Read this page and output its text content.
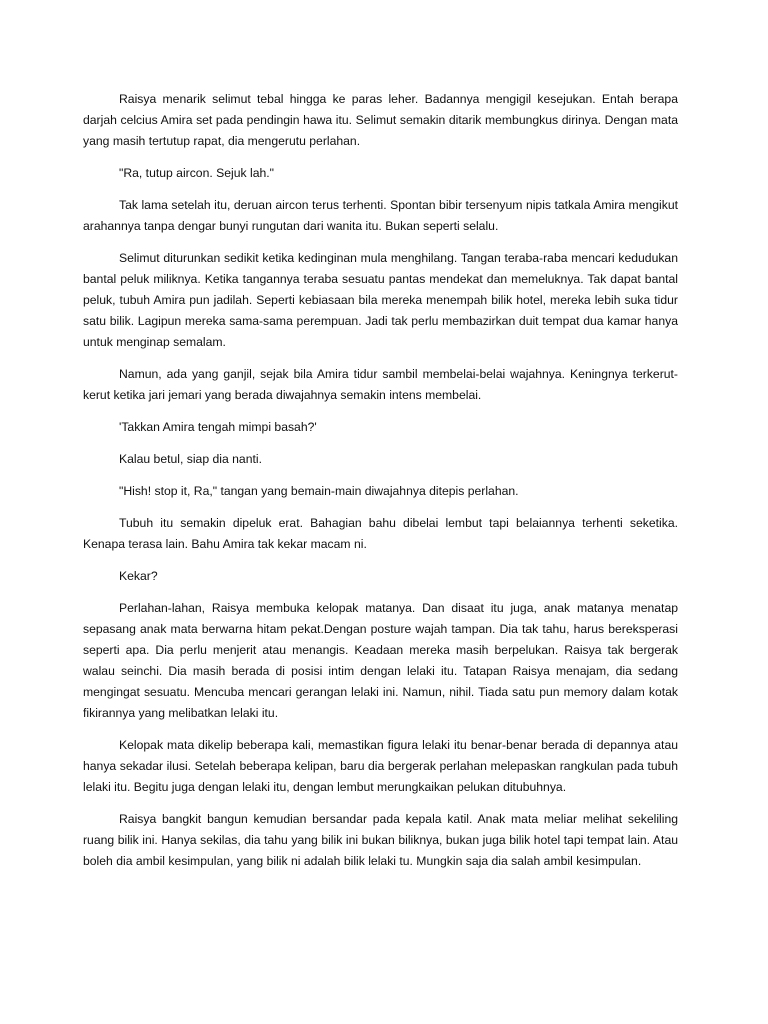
Raisya menarik selimut tebal hingga ke paras leher. Badannya mengigil kesejukan. Entah berapa darjah celcius Amira set pada pendingin hawa itu. Selimut semakin ditarik membungkus dirinya. Dengan mata yang masih tertutup rapat, dia mengerutu perlahan.

"Ra, tutup aircon. Sejuk lah."

Tak lama setelah itu, deruan aircon terus terhenti. Spontan bibir tersenyum nipis tatkala Amira mengikut arahannya tanpa dengar bunyi rungutan dari wanita itu. Bukan seperti selalu.

Selimut diturunkan sedikit ketika kedinginan mula menghilang. Tangan teraba-raba mencari kedudukan bantal peluk miliknya. Ketika tangannya teraba sesuatu pantas mendekat dan memeluknya. Tak dapat bantal peluk, tubuh Amira pun jadilah. Seperti kebiasaan bila mereka menempah bilik hotel, mereka lebih suka tidur satu bilik. Lagipun mereka sama-sama perempuan. Jadi tak perlu membazirkan duit tempat dua kamar hanya untuk menginap semalam.

Namun, ada yang ganjil, sejak bila Amira tidur sambil membelai-belai wajahnya. Keningnya terkerut-kerut ketika jari jemari yang berada diwajahnya semakin intens membelai.

'Takkan Amira tengah mimpi basah?'

Kalau betul, siap dia nanti.

"Hish! stop it, Ra," tangan yang bemain-main diwajahnya ditepis perlahan.

Tubuh itu semakin dipeluk erat. Bahagian bahu dibelai lembut tapi belaiannya terhenti seketika. Kenapa terasa lain. Bahu Amira tak kekar macam ni.

Kekar?

Perlahan-lahan, Raisya membuka kelopak matanya. Dan disaat itu juga, anak matanya menatap sepasang anak mata berwarna hitam pekat.Dengan posture wajah tampan. Dia tak tahu, harus bereksperasi seperti apa. Dia perlu menjerit atau menangis. Keadaan mereka masih berpelukan. Raisya tak bergerak walau seinchi. Dia masih berada di posisi intim dengan lelaki itu. Tatapan Raisya menajam, dia sedang mengingat sesuatu. Mencuba mencari gerangan lelaki ini. Namun, nihil. Tiada satu pun memory dalam kotak fikirannya yang melibatkan lelaki itu.

Kelopak mata dikelip beberapa kali, memastikan figura lelaki itu benar-benar berada di depannya atau hanya sekadar ilusi. Setelah beberapa kelipan, baru dia bergerak perlahan melepaskan rangkulan pada tubuh lelaki itu. Begitu juga dengan lelaki itu, dengan lembut merungkaikan pelukan ditubuhnya.

Raisya bangkit bangun kemudian bersandar pada kepala katil. Anak mata meliar melihat sekeliling ruang bilik ini. Hanya sekilas, dia tahu yang bilik ini bukan biliknya, bukan juga bilik hotel tapi tempat lain. Atau boleh dia ambil kesimpulan, yang bilik ni adalah bilik lelaki tu. Mungkin saja dia salah ambil kesimpulan.
